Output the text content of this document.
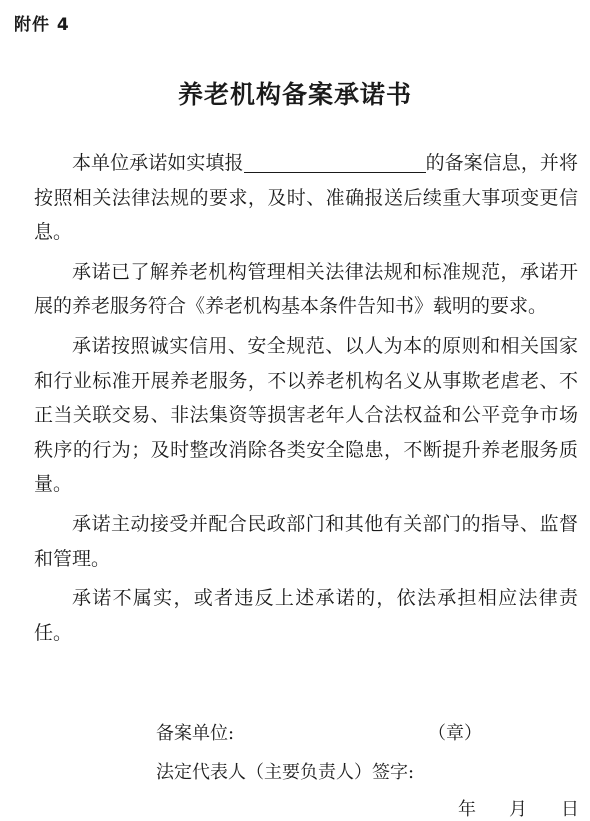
附件 4
养老机构备案承诺书

本单位承诺如实填报	的备案信息，并将按照相关法律法规的要求，及时、准确报送后续重大事项变更信息。

承诺已了解养老机构管理相关法律法规和标准规范，承诺开展的养老服务符合《养老机构基本条件告知书》载明的要求。

承诺按照诚实信用、安全规范、以人为本的原则和相关国家和行业标准开展养老服务，不以养老机构名义从事欺老虐老、不正当关联交易、非法集资等损害老年人合法权益和公平竞争市场秩序的行为；及时整改消除各类安全隐患，不断提升养老服务质量。

承诺主动接受并配合民政部门和其他有关部门的指导、监督和管理。

承诺不属实，或者违反上述承诺的，依法承担相应法律责任。

备案单位:	（章）
法定代表人（主要负责人）签字:
年 月 日
